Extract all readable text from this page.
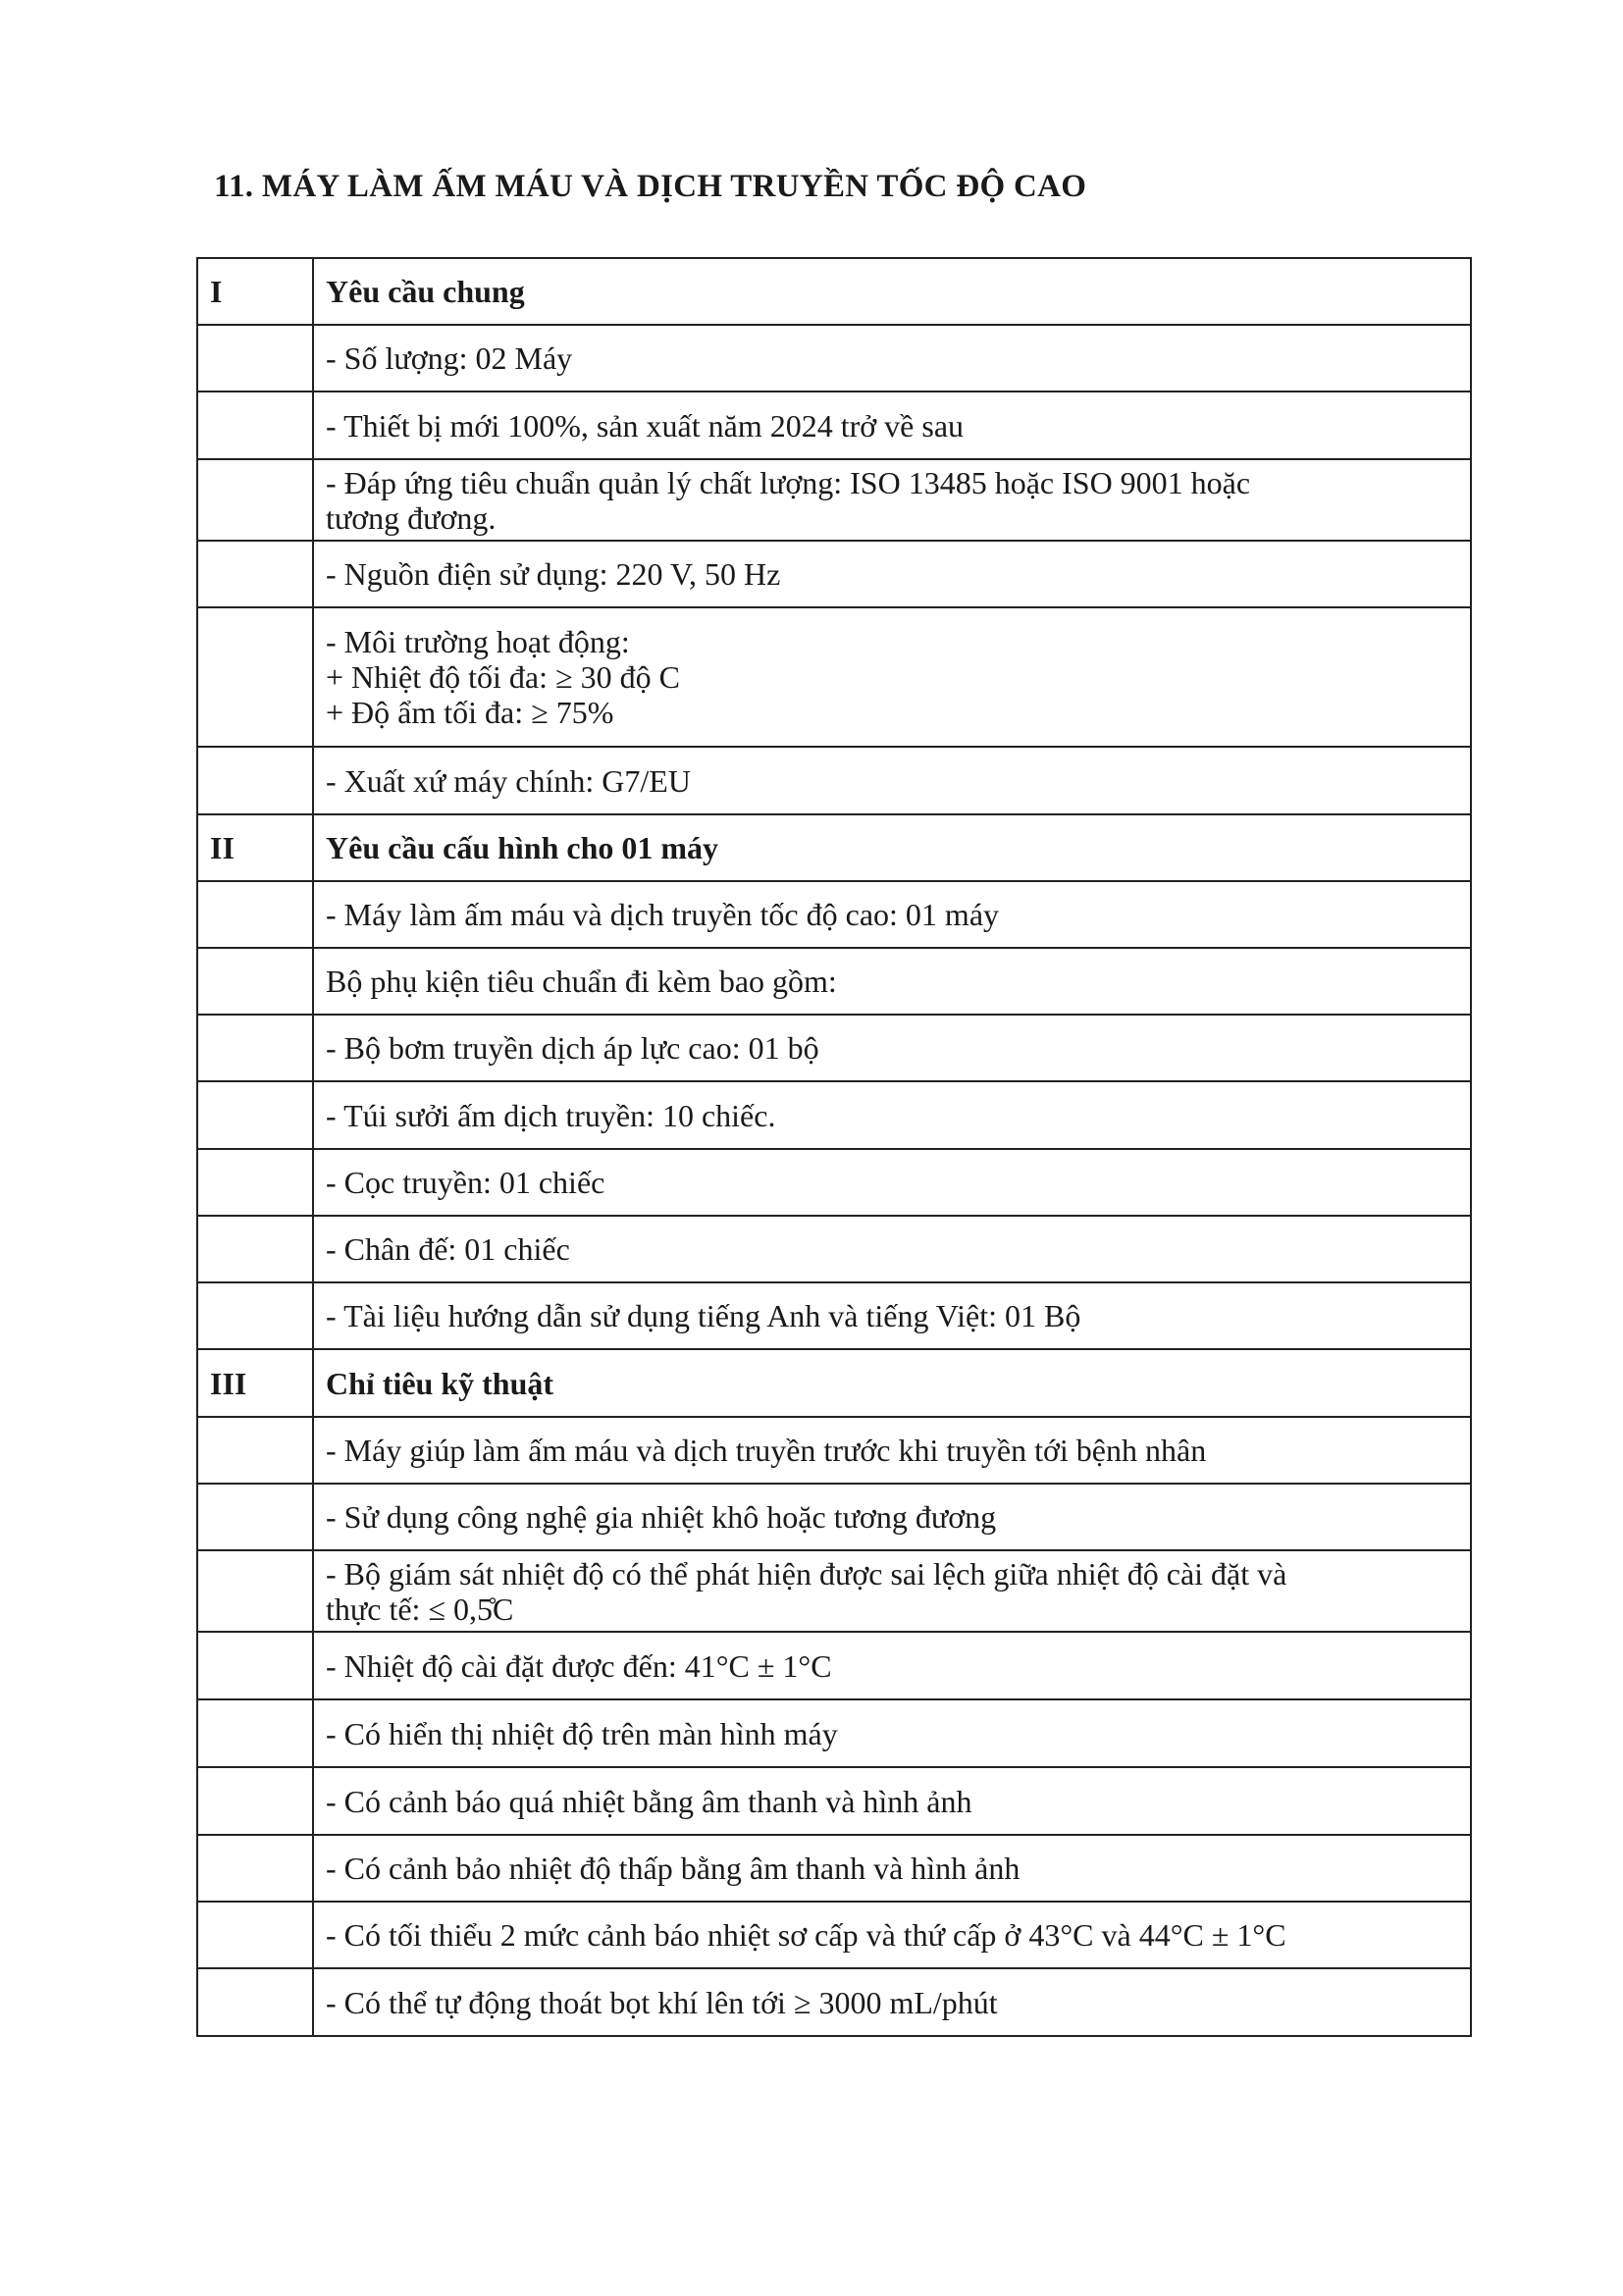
11. MÁY LÀM ẤM MÁU VÀ DỊCH TRUYỀN TỐC ĐỘ CAO
I	Yêu cầu chung

	- Số lượng: 02 Máy

	- Thiết bị mới 100%, sản xuất năm 2024 trở về sau

	- Đáp ứng tiêu chuẩn quản lý chất lượng: ISO 13485 hoặc ISO 9001 hoặc
tương đương.

	- Nguồn điện sử dụng: 220 V, 50 Hz

	- Môi trường hoạt động:
+ Nhiệt độ tối đa: ≥ 30 độ C
+ Độ ẩm tối đa: ≥ 75%

	- Xuất xứ máy chính: G7/EU

II	Yêu cầu cấu hình cho 01 máy

	- Máy làm ấm máu và dịch truyền tốc độ cao: 01 máy

	Bộ phụ kiện tiêu chuẩn đi kèm bao gồm:

	- Bộ bơm truyền dịch áp lực cao: 01 bộ

	- Túi sưởi ấm dịch truyền: 10 chiếc.

	- Cọc truyền: 01 chiếc

	- Chân đế: 01 chiếc

	- Tài liệu hướng dẫn sử dụng tiếng Anh và tiếng Việt: 01 Bộ

III	Chỉ tiêu kỹ thuật

	- Máy giúp làm ấm máu và dịch truyền trước khi truyền tới bệnh nhân

	- Sử dụng công nghệ gia nhiệt khô hoặc tương đương

	- Bộ giám sát nhiệt độ có thể phát hiện được sai lệch giữa nhiệt độ cài đặt và
thực tế: ≤ 0,5̊C

	- Nhiệt độ cài đặt được đến: 41°C ± 1°C

	- Có hiển thị nhiệt độ trên màn hình máy

	- Có cảnh báo quá nhiệt bằng âm thanh và hình ảnh

	- Có cảnh bảo nhiệt độ thấp bằng âm thanh và hình ảnh

	- Có tối thiểu 2 mức cảnh báo nhiệt sơ cấp và thứ cấp ở 43°C và 44°C ± 1°C

	- Có thể tự động thoát bọt khí lên tới ≥ 3000 mL/phút
